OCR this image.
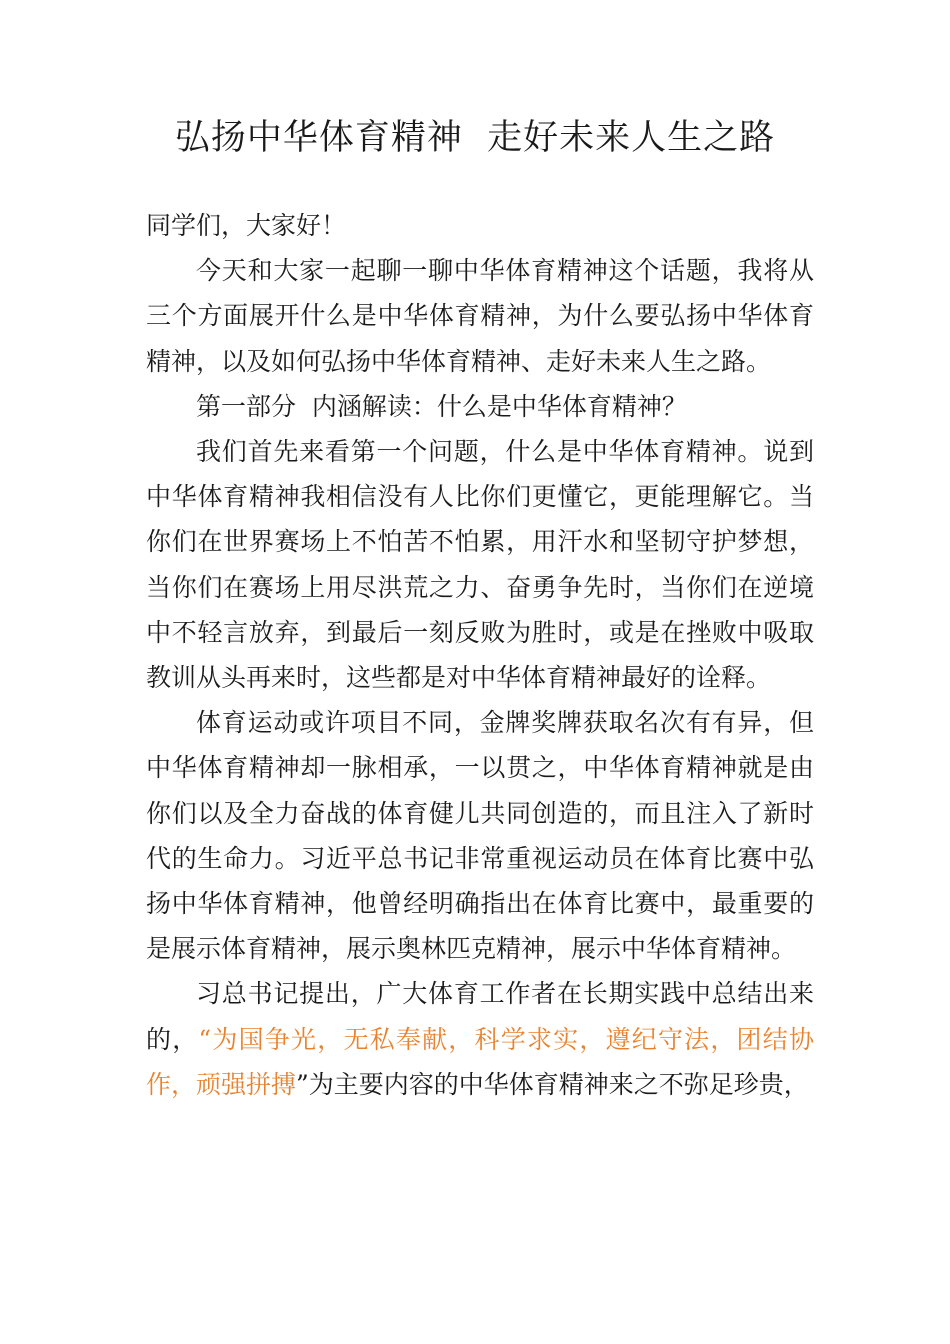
弘扬中华体育精神  走好未来人生之路

同学们，大家好！

今天和大家一起聊一聊中华体育精神这个话题，我将从三个方面展开什么是中华体育精神，为什么要弘扬中华体育精神，以及如何弘扬中华体育精神、走好未来人生之路。

第一部分  内涵解读：什么是中华体育精神？

我们首先来看第一个问题，什么是中华体育精神。说到中华体育精神我相信没有人比你们更懂它，更能理解它。当你们在世界赛场上不怕苦不怕累，用汗水和坚韧守护梦想， 当你们在赛场上用尽洪荒之力、奋勇争先时，当你们在逆境中不轻言放弃，到最后一刻反败为胜时，或是在挫败中吸取教训从头再来时，这些都是对中华体育精神最好的诠释。

体育运动或许项目不同，金牌奖牌获取名次有有异，但中华体育精神却一脉相承，一以贯之，中华体育精神就是由你们以及全力奋战的体育健儿共同创造的，而且注入了新时代的生命力。习近平总书记非常重视运动员在体育比赛中弘扬中华体育精神，他曾经明确指出在体育比赛中，最重要的是展示体育精神，展示奥林匹克精神，展示中华体育精神。

习总书记提出，广大体育工作者在长期实践中总结出来的，“为国争光，无私奉献，科学求实，遵纪守法，团结协作，顽强拼搏”为主要内容的中华体育精神来之不弥足珍贵，
